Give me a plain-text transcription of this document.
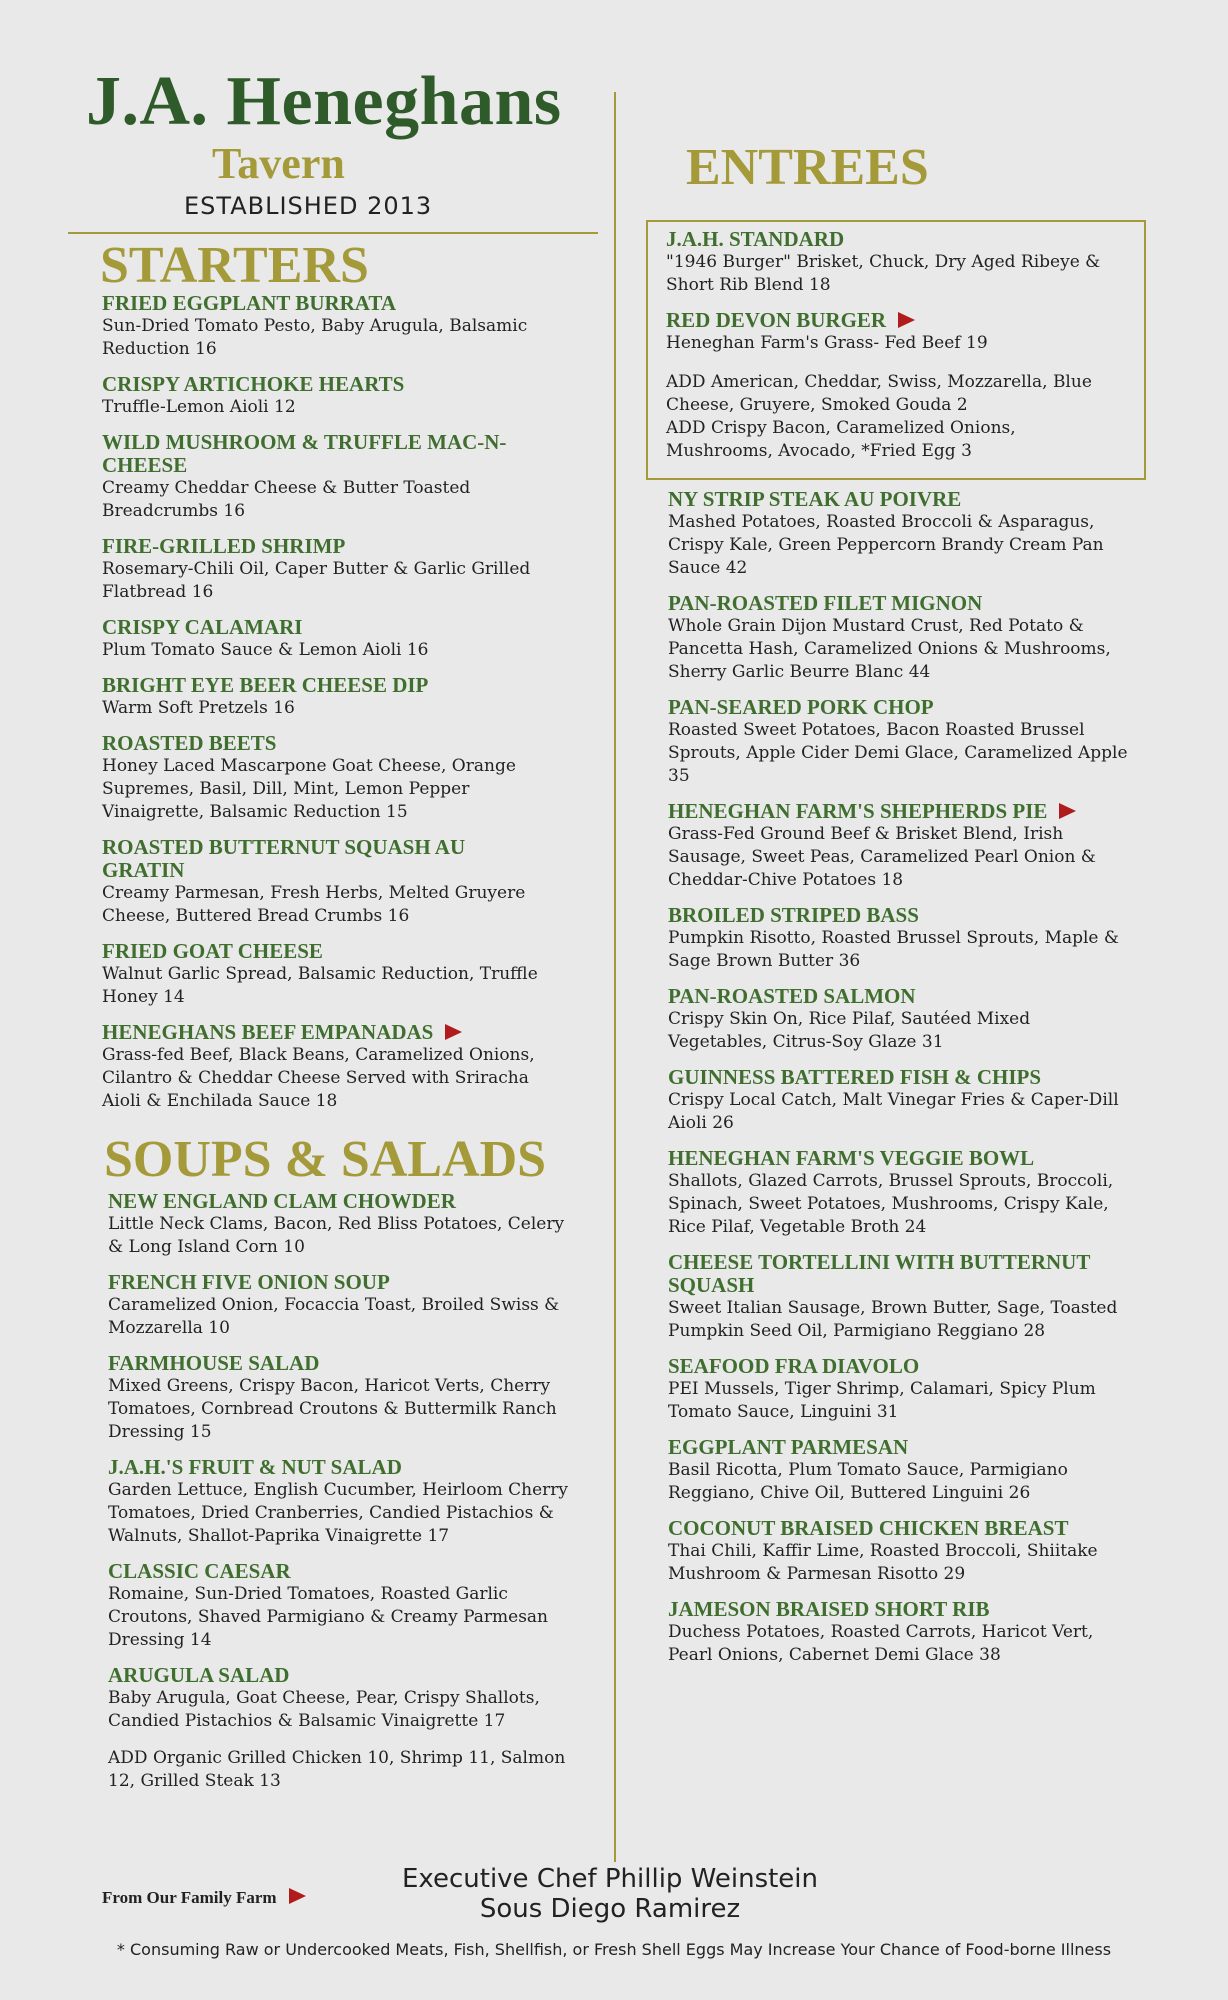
J.A. Heneghans
Tavern
ESTABLISHED 2013
STARTERS
FRIED EGGPLANT BURRATA
Sun-Dried Tomato Pesto, Baby Arugula, Balsamic Reduction 16
CRISPY ARTICHOKE HEARTS
Truffle-Lemon Aioli 12
WILD MUSHROOM & TRUFFLE MAC-N-CHEESE
Creamy Cheddar Cheese & Butter Toasted Breadcrumbs 16
FIRE-GRILLED SHRIMP
Rosemary-Chili Oil, Caper Butter & Garlic Grilled Flatbread 16
CRISPY CALAMARI
Plum Tomato Sauce & Lemon Aioli 16
BRIGHT EYE BEER CHEESE DIP
Warm Soft Pretzels 16
ROASTED BEETS
Honey Laced Mascarpone Goat Cheese, Orange Supremes, Basil, Dill, Mint, Lemon Pepper Vinaigrette, Balsamic Reduction 15
ROASTED BUTTERNUT SQUASH AU GRATIN
Creamy Parmesan, Fresh Herbs, Melted Gruyere Cheese, Buttered Bread Crumbs 16
FRIED GOAT CHEESE
Walnut Garlic Spread, Balsamic Reduction, Truffle Honey 14
HENEGHANS BEEF EMPANADAS
Grass-fed Beef, Black Beans, Caramelized Onions, Cilantro & Cheddar Cheese Served with Sriracha Aioli & Enchilada Sauce 18
SOUPS & SALADS
NEW ENGLAND CLAM CHOWDER
Little Neck Clams, Bacon, Red Bliss Potatoes, Celery & Long Island Corn 10
FRENCH FIVE ONION SOUP
Caramelized Onion, Focaccia Toast, Broiled Swiss & Mozzarella 10
FARMHOUSE SALAD
Mixed Greens, Crispy Bacon, Haricot Verts, Cherry Tomatoes, Cornbread Croutons & Buttermilk Ranch Dressing 15
J.A.H.'S FRUIT & NUT SALAD
Garden Lettuce, English Cucumber, Heirloom Cherry Tomatoes, Dried Cranberries, Candied Pistachios & Walnuts, Shallot-Paprika Vinaigrette 17
CLASSIC CAESAR
Romaine, Sun-Dried Tomatoes, Roasted Garlic Croutons, Shaved Parmigiano & Creamy Parmesan Dressing 14
ARUGULA SALAD
Baby Arugula, Goat Cheese, Pear, Crispy Shallots, Candied Pistachios & Balsamic Vinaigrette 17
ADD Organic Grilled Chicken 10, Shrimp 11, Salmon 12, Grilled Steak 13
ENTREES
J.A.H. STANDARD
"1946 Burger" Brisket, Chuck, Dry Aged Ribeye & Short Rib Blend 18
RED DEVON BURGER
Heneghan Farm's Grass- Fed Beef 19
ADD American, Cheddar, Swiss, Mozzarella, Blue Cheese, Gruyere, Smoked Gouda 2
ADD Crispy Bacon, Caramelized Onions, Mushrooms, Avocado, *Fried Egg 3
NY STRIP STEAK AU POIVRE
Mashed Potatoes, Roasted Broccoli & Asparagus, Crispy Kale, Green Peppercorn Brandy Cream Pan Sauce 42
PAN-ROASTED FILET MIGNON
Whole Grain Dijon Mustard Crust, Red Potato & Pancetta Hash, Caramelized Onions & Mushrooms, Sherry Garlic Beurre Blanc 44
PAN-SEARED PORK CHOP
Roasted Sweet Potatoes, Bacon Roasted Brussel Sprouts, Apple Cider Demi Glace, Caramelized Apple 35
HENEGHAN FARM'S SHEPHERDS PIE
Grass-Fed Ground Beef & Brisket Blend, Irish Sausage, Sweet Peas, Caramelized Pearl Onion & Cheddar-Chive Potatoes 18
BROILED STRIPED BASS
Pumpkin Risotto, Roasted Brussel Sprouts, Maple & Sage Brown Butter 36
PAN-ROASTED SALMON
Crispy Skin On, Rice Pilaf, Sautéed Mixed Vegetables, Citrus-Soy Glaze 31
GUINNESS BATTERED FISH & CHIPS
Crispy Local Catch, Malt Vinegar Fries & Caper-Dill Aioli 26
HENEGHAN FARM'S VEGGIE BOWL
Shallots, Glazed Carrots, Brussel Sprouts, Broccoli, Spinach, Sweet Potatoes, Mushrooms, Crispy Kale, Rice Pilaf, Vegetable Broth 24
CHEESE TORTELLINI WITH BUTTERNUT SQUASH
Sweet Italian Sausage, Brown Butter, Sage, Toasted Pumpkin Seed Oil, Parmigiano Reggiano 28
SEAFOOD FRA DIAVOLO
PEI Mussels, Tiger Shrimp, Calamari, Spicy Plum Tomato Sauce, Linguini 31
EGGPLANT PARMESAN
Basil Ricotta, Plum Tomato Sauce, Parmigiano Reggiano, Chive Oil, Buttered Linguini 26
COCONUT BRAISED CHICKEN BREAST
Thai Chili, Kaffir Lime, Roasted Broccoli, Shiitake Mushroom & Parmesan Risotto 29
JAMESON BRAISED SHORT RIB
Duchess Potatoes, Roasted Carrots, Haricot Vert, Pearl Onions, Cabernet Demi Glace 38
From Our Family Farm
Executive Chef Phillip Weinstein
Sous Diego Ramirez
* Consuming Raw or Undercooked Meats, Fish, Shellfish, or Fresh Shell Eggs May Increase Your Chance of Food-borne Illness
